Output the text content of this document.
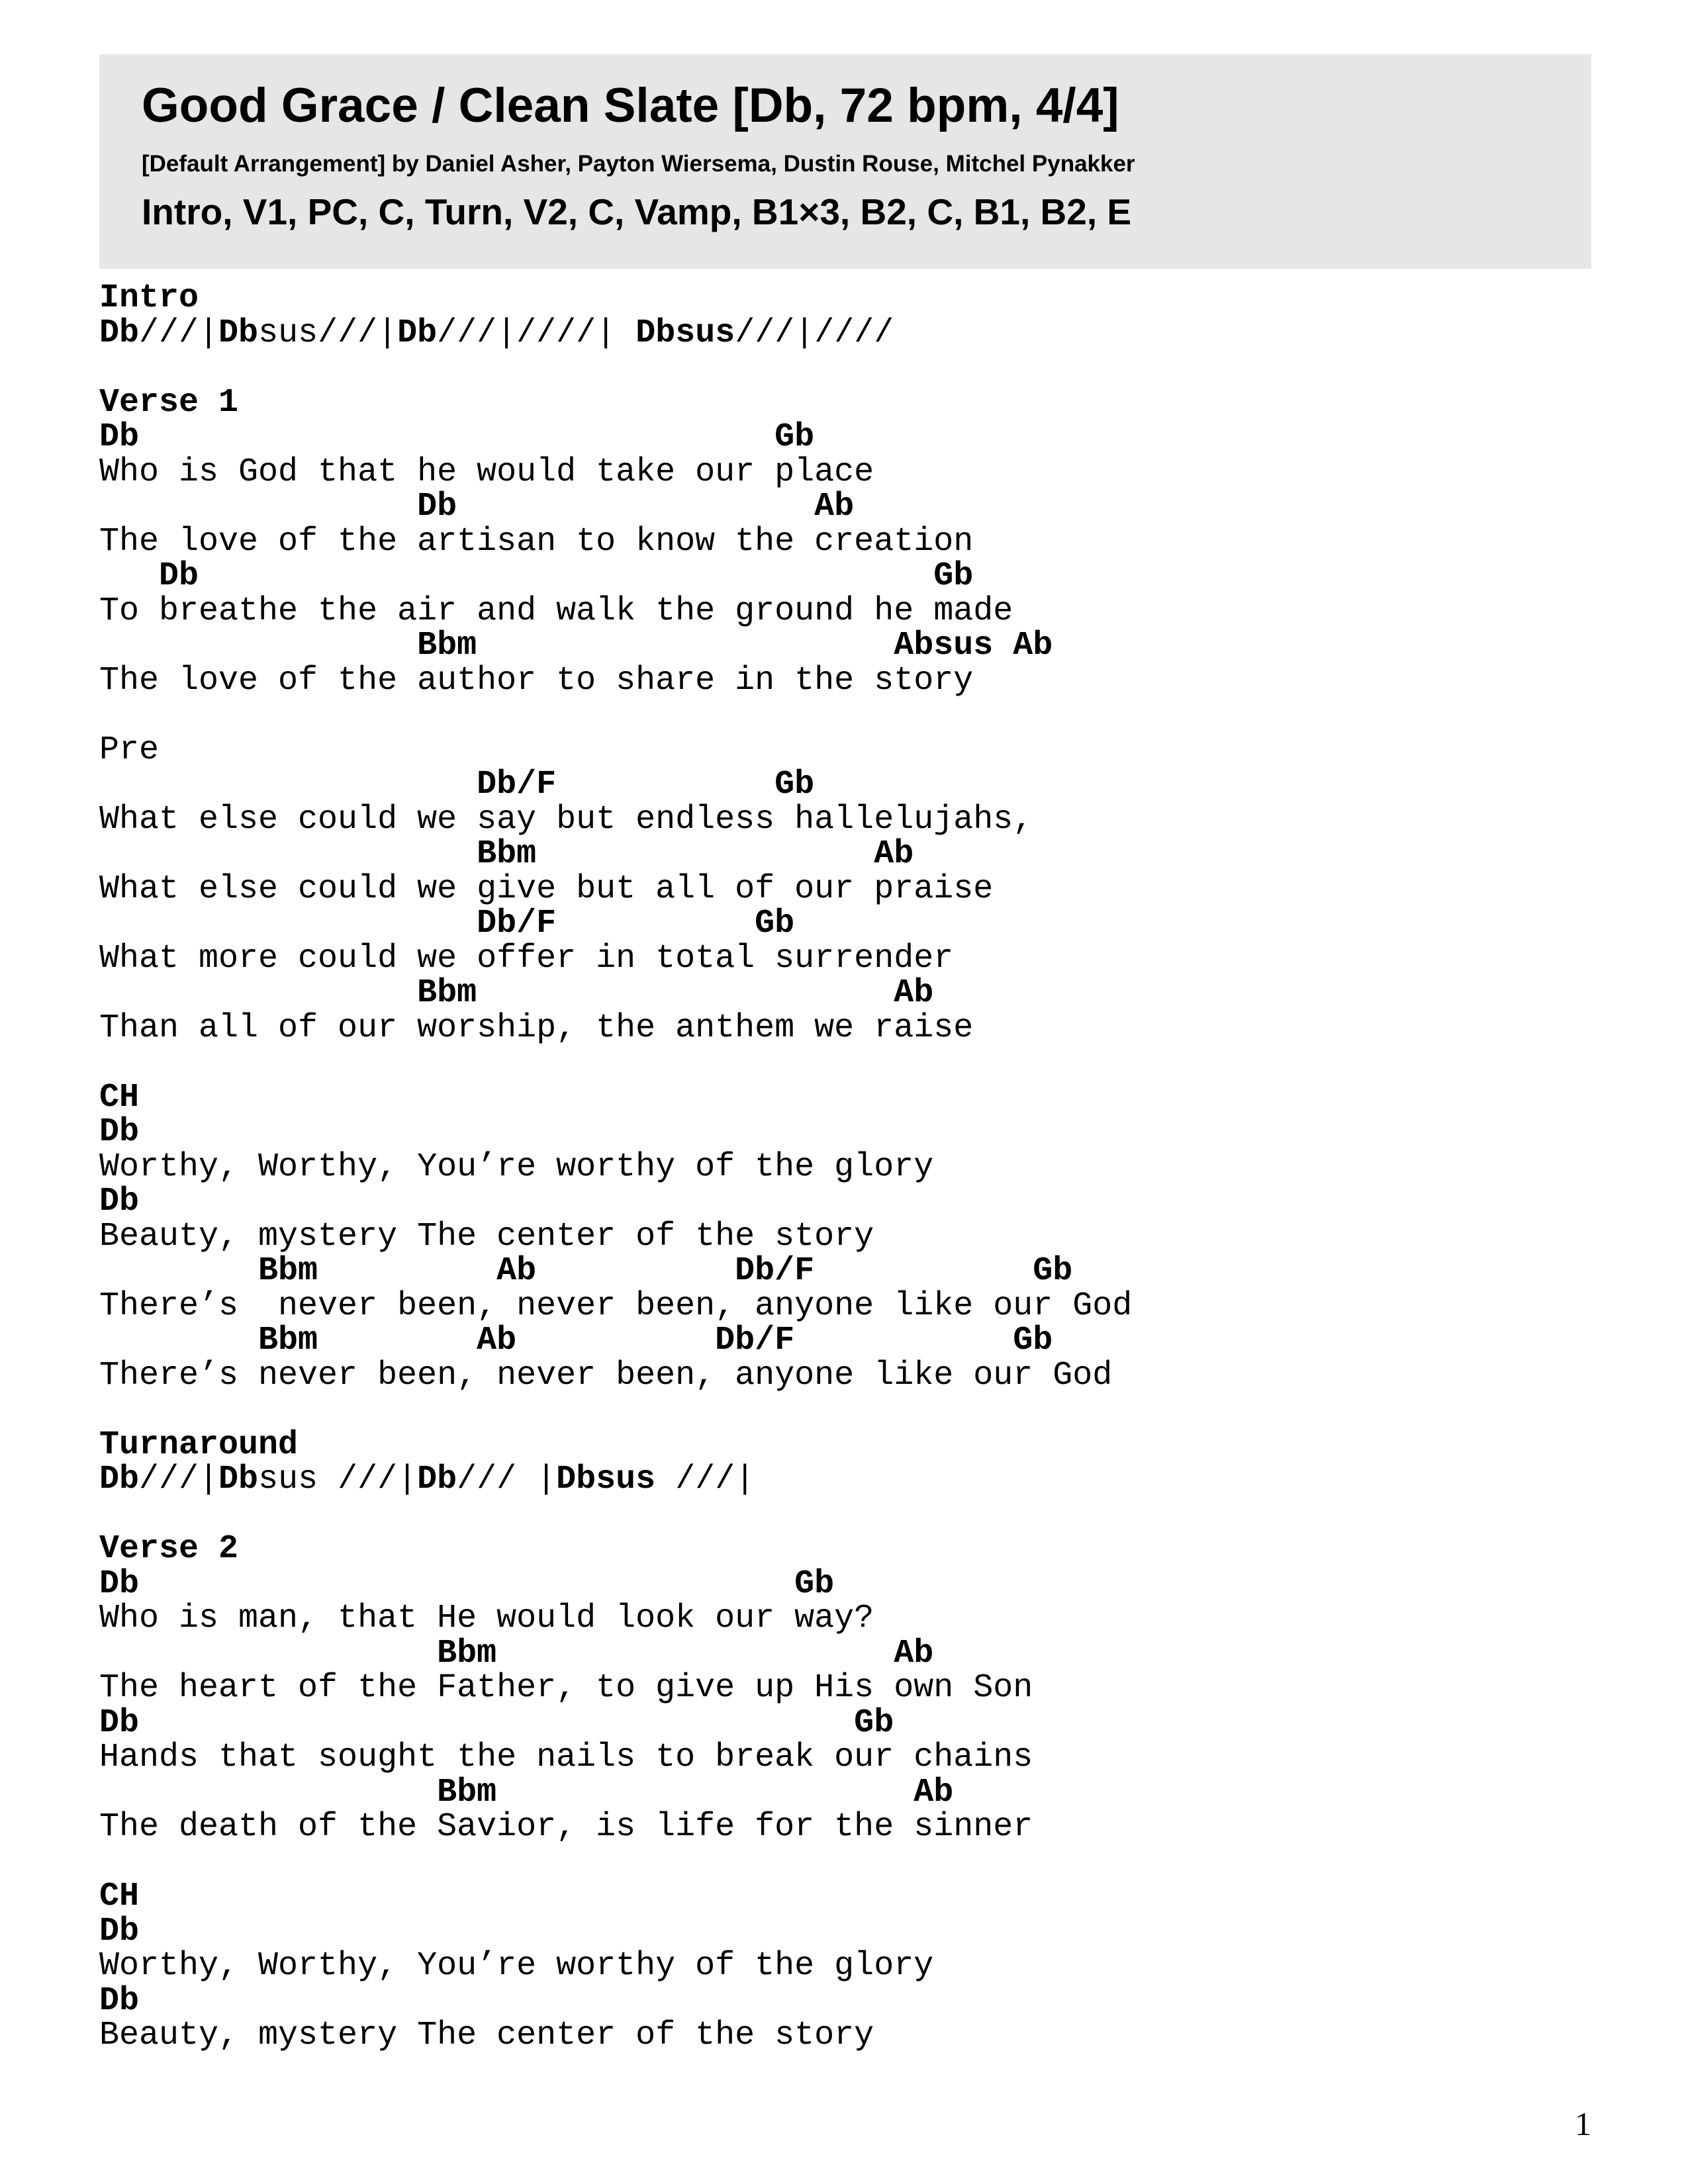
Good Grace / Clean Slate [Db, 72 bpm, 4/4]

[Default Arrangement] by Daniel Asher, Payton Wiersema, Dustin Rouse, Mitchel Pynakker

Intro, V1, PC, C, Turn, V2, C, Vamp, B1×3, B2, C, B1, B2, E

Intro
Db///|Dbsus///|Db///|////| Dbsus///|////
Verse 1
Db                                Gb
Who is God that he would take our place
Db                  Ab
The love of the artisan to know the creation
Db                                     Gb
To breathe the air and walk the ground he made
Bbm                     Absus Ab
The love of the author to share in the story
Pre
Db/F           Gb
What else could we say but endless hallelujahs,
Bbm                 Ab
What else could we give but all of our praise
Db/F          Gb
What more could we offer in total surrender
Bbm                     Ab
Than all of our worship, the anthem we raise
CH
Db
Worthy, Worthy, You’re worthy of the glory
Db
Beauty, mystery The center of the story
Bbm         Ab          Db/F           Gb
There’s  never been, never been, anyone like our God
Bbm        Ab          Db/F           Gb
There’s never been, never been, anyone like our God
Turnaround
Db///|Dbsus ///|Db/// |Dbsus ///|
Verse 2
Db                                 Gb
Who is man, that He would look our way?
Bbm                    Ab
The heart of the Father, to give up His own Son
Db                                    Gb
Hands that sought the nails to break our chains
Bbm                     Ab
The death of the Savior, is life for the sinner
CH
Db
Worthy, Worthy, You’re worthy of the glory
Db
Beauty, mystery The center of the story
1
